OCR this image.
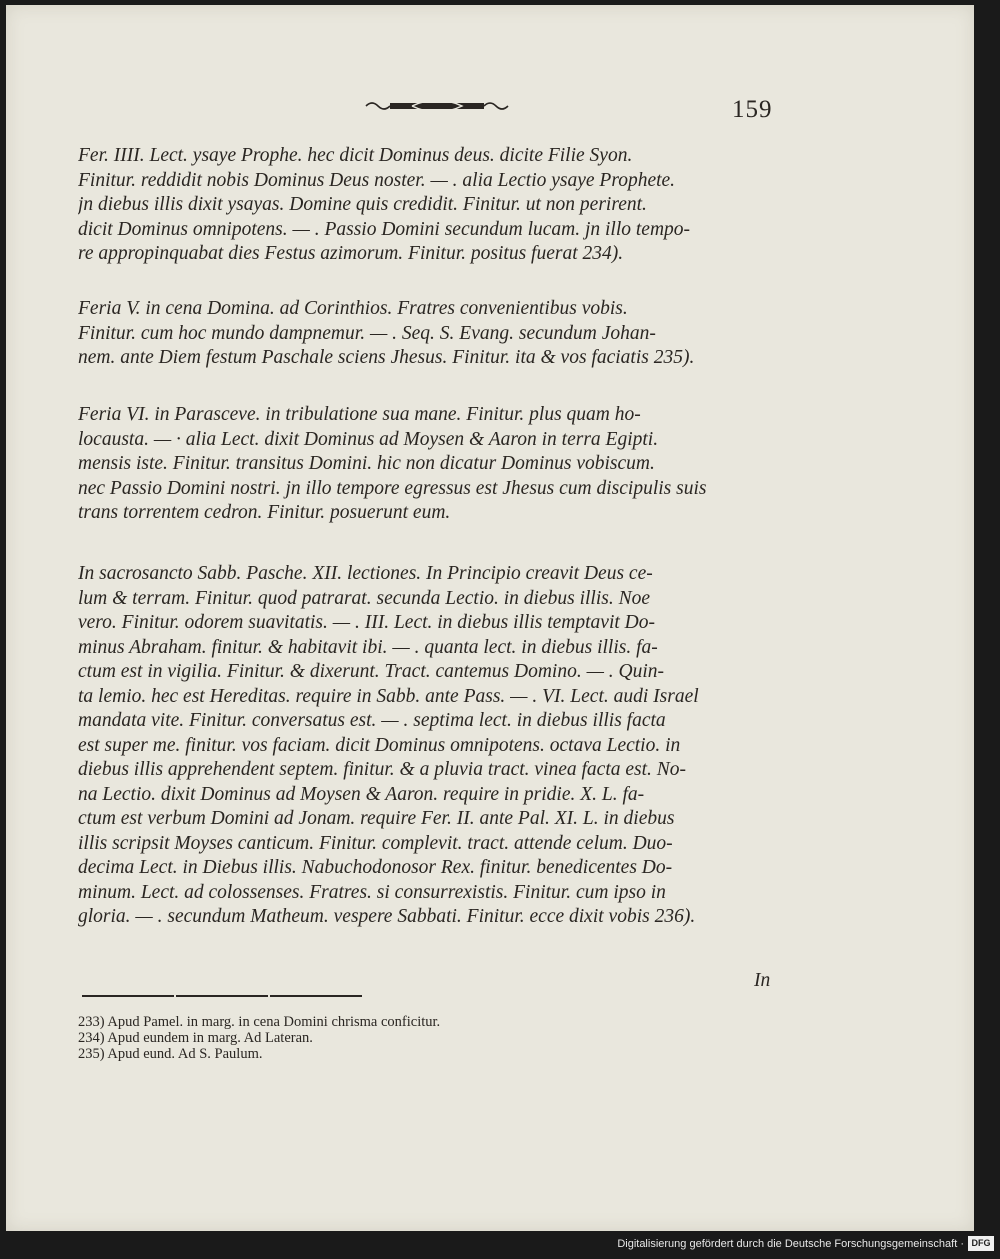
159
Fer. IIII. Lect. ysaye Prophe. hec dicit Dominus deus. dicite Filie Syon.
Finitur. reddidit nobis Dominus Deus noster. — . alia Lectio ysaye Prophete.
jn diebus illis dixit ysayas. Domine quis credidit. Finitur. ut non perirent.
dicit Dominus omnipotens. — . Passio Domini secundum lucam. jn illo tempo-
re appropinquabat dies Festus azimorum. Finitur. positus fuerat 234).
Feria V. in cena Domina. ad Corinthios. Fratres convenientibus vobis.
Finitur. cum hoc mundo dampnemur. — . Seq. S. Evang. secundum Johan-
nem. ante Diem festum Paschale sciens Jhesus. Finitur. ita & vos faciatis 235).
Feria VI. in Parasceve. in tribulatione sua mane. Finitur. plus quam ho-
locausta. — · alia Lect. dixit Dominus ad Moysen & Aaron in terra Egipti.
mensis iste. Finitur. transitus Domini. hic non dicatur Dominus vobiscum.
nec Passio Domini nostri. jn illo tempore egressus est Jhesus cum discipulis suis
trans torrentem cedron. Finitur. posuerunt eum.
In sacrosancto Sabb. Pasche. XII. lectiones. In Principio creavit Deus ce-
lum & terram. Finitur. quod patrarat. secunda Lectio. in diebus illis. Noe
vero. Finitur. odorem suavitatis. — . III. Lect. in diebus illis temptavit Do-
minus Abraham. finitur. & habitavit ibi. — . quanta lect. in diebus illis. fa-
ctum est in vigilia. Finitur. & dixerunt. Tract. cantemus Domino. — . Quin-
ta lemio. hec est Hereditas. require in Sabb. ante Pass. — . VI. Lect. audi Israel
mandata vite. Finitur. conversatus est. — . septima lect. in diebus illis facta
est super me. finitur. vos faciam. dicit Dominus omnipotens. octava Lectio. in
diebus illis apprehendent septem. finitur. & a pluvia tract. vinea facta est. No-
na Lectio. dixit Dominus ad Moysen & Aaron. require in pridie. X. L. fa-
ctum est verbum Domini ad Jonam. require Fer. II. ante Pal. XI. L. in diebus
illis scripsit Moyses canticum. Finitur. complevit. tract. attende celum. Duo-
decima Lect. in Diebus illis. Nabuchodonosor Rex. finitur. benedicentes Do-
minum. Lect. ad colossenses. Fratres. si consurrexistis. Finitur. cum ipso in
gloria. — . secundum Matheum. vespere Sabbati. Finitur. ecce dixit vobis 236).
In
233) Apud Pamel. in marg. in cena Domini chrisma conficitur.
234) Apud eundem in marg. Ad Lateran.
235) Apud eund. Ad S. Paulum.
Digitalisierung gefördert durch die Deutsche Forschungsgemeinschaft · DFG
